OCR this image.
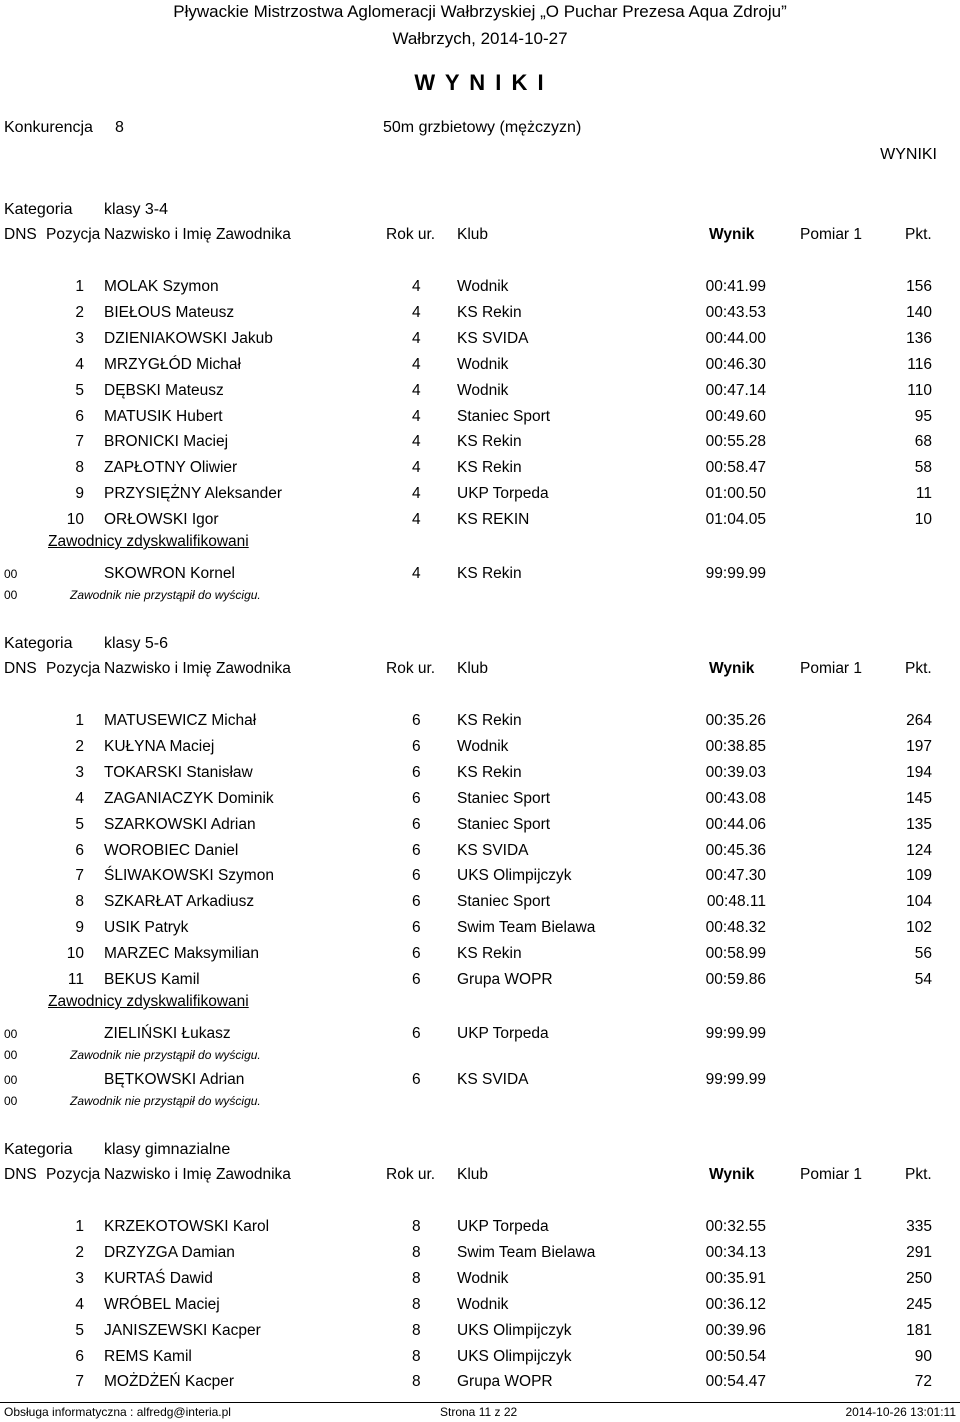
Pływackie Mistrzostwa Aglomeracji Wałbrzyskiej „O Puchar Prezesa Aqua Zdroju”
Wałbrzych, 2014-10-27
W Y N I K I
Konkurencja 8	50m grzbietowy (mężczyzn)
WYNIKI
Kategoria klasy 3-4
DNS Pozycja Nazwisko i Imię Zawodnika	Rok ur. Klub	Wynik	Pomiar 1	Pkt.
1 MOLAK Szymon	4 Wodnik	00:41.99	156
2 BIEŁOUS Mateusz	4 KS Rekin	00:43.53	140
3 DZIENIAKOWSKI Jakub	4 KS SVIDA	00:44.00	136
4 MRZYGŁÓD Michał	4 Wodnik	00:46.30	116
5 DĘBSKI Mateusz	4 Wodnik	00:47.14	110
6 MATUSIK Hubert	4 Staniec Sport	00:49.60	95
7 BRONICKI Maciej	4 KS Rekin	00:55.28	68
8 ZAPŁOTNY Oliwier	4 KS Rekin	00:58.47	58
9 PRZYSIĘŻNY Aleksander	4 UKP Torpeda	01:00.50	11
10 ORŁOWSKI Igor	4 KS REKIN	01:04.05	10
Zawodnicy zdyskwalifikowani
00	SKOWRON Kornel	4 KS Rekin	99:99.99
00	Zawodnik nie przystąpił do wyścigu.
Kategoria klasy 5-6
DNS Pozycja Nazwisko i Imię Zawodnika	Rok ur. Klub	Wynik	Pomiar 1	Pkt.
1 MATUSEWICZ Michał	6 KS Rekin	00:35.26	264
2 KUŁYNA Maciej	6 Wodnik	00:38.85	197
3 TOKARSKI Stanisław	6 KS Rekin	00:39.03	194
4 ZAGANIACZYK Dominik	6 Staniec Sport	00:43.08	145
5 SZARKOWSKI Adrian	6 Staniec Sport	00:44.06	135
6 WOROBIEC Daniel	6 KS SVIDA	00:45.36	124
7 ŚLIWAKOWSKI Szymon	6 UKS Olimpijczyk	00:47.30	109
8 SZKARŁAT Arkadiusz	6 Staniec Sport	00:48.11	104
9 USIK Patryk	6 Swim Team Bielawa	00:48.32	102
10 MARZEC Maksymilian	6 KS Rekin	00:58.99	56
11 BEKUS Kamil	6 Grupa WOPR	00:59.86	54
Zawodnicy zdyskwalifikowani
00	ZIELIŃSKI Łukasz	6 UKP Torpeda	99:99.99
00	Zawodnik nie przystąpił do wyścigu.
00	BĘTKOWSKI Adrian	6 KS SVIDA	99:99.99
00	Zawodnik nie przystąpił do wyścigu.
Kategoria klasy gimnazialne
DNS Pozycja Nazwisko i Imię Zawodnika	Rok ur. Klub	Wynik	Pomiar 1	Pkt.
1 KRZEKOTOWSKI Karol	8 UKP Torpeda	00:32.55	335
2 DRZYZGA Damian	8 Swim Team Bielawa	00:34.13	291
3 KURTAŚ Dawid	8 Wodnik	00:35.91	250
4 WRÓBEL Maciej	8 Wodnik	00:36.12	245
5 JANISZEWSKI Kacper	8 UKS Olimpijczyk	00:39.96	181
6 REMS Kamil	8 UKS Olimpijczyk	00:50.54	90
7 MOŻDŻEŃ Kacper	8 Grupa WOPR	00:54.47	72
Obsługa informatyczna : alfredg@interia.pl	Strona 11 z 22	2014-10-26 13:01:11
